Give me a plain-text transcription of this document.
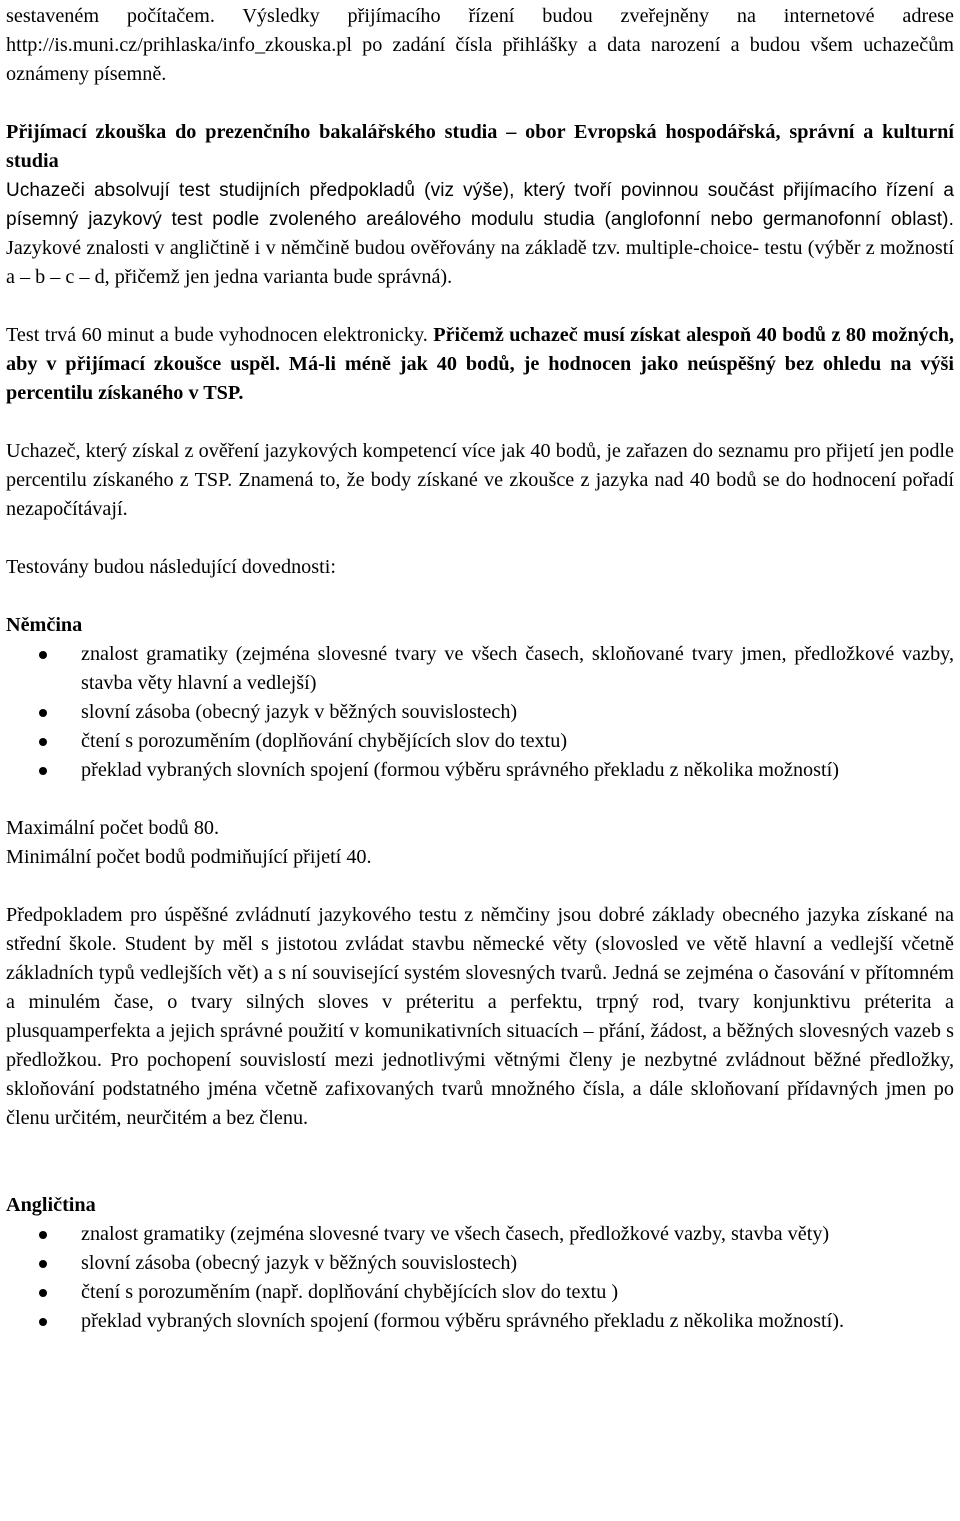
sestaveném počítačem. Výsledky přijímacího řízení budou zveřejněny na internetové adrese http://is.muni.cz/prihlaska/info_zkouska.pl po zadání čísla přihlášky a data narození a budou všem uchazečům oznámeny písemně.

Přijímací zkouška do prezenčního bakalářského studia – obor Evropská hospodářská, správní a kulturní studia

Uchazeči absolvují test studijních předpokladů (viz výše), který tvoří povinnou součást přijímacího řízení a písemný jazykový test podle zvoleného areálového modulu studia (anglofonní nebo germanofonní oblast). Jazykové znalosti v angličtině i v němčině budou ověřovány na základě tzv. multiple-choice- testu (výběr z možností a – b – c – d, přičemž jen jedna varianta bude správná).

Test trvá 60 minut a bude vyhodnocen elektronicky. Přičemž uchazeč musí získat alespoň 40 bodů z 80 možných, aby v přijímací zkoušce uspěl. Má-li méně jak 40 bodů, je hodnocen jako neúspěšný bez ohledu na výši percentilu získaného v TSP.

Uchazeč, který získal z ověření jazykových kompetencí více jak 40 bodů, je zařazen do seznamu pro přijetí jen podle percentilu získaného z TSP. Znamená to, že body získané ve zkoušce z jazyka nad 40 bodů se do hodnocení pořadí nezapočítávají.

Testovány budou následující dovednosti:

Němčina

znalost gramatiky (zejména slovesné tvary ve všech časech, skloňované tvary jmen, předložkové vazby, stavba věty hlavní a vedlejší)
slovní zásoba (obecný jazyk v běžných souvislostech)
čtení s porozuměním (doplňování chybějících slov do textu)
překlad vybraných slovních spojení (formou výběru správného překladu z několika možností)

Maximální počet bodů 80.

Minimální počet bodů podmiňující přijetí 40.

Předpokladem pro úspěšné zvládnutí jazykového testu z němčiny jsou dobré základy obecného jazyka získané na střední škole. Student by měl s jistotou zvládat stavbu německé věty (slovosled ve větě hlavní a vedlejší včetně základních typů vedlejších vět) a s ní související systém slovesných tvarů. Jedná se zejména o časování v přítomném a minulém čase, o tvary silných sloves v préteritu a perfektu, trpný rod, tvary konjunktivu préterita a plusquamperfekta a jejich správné použití v komunikativních situacích – přání, žádost, a běžných slovesných vazeb s předložkou. Pro pochopení souvislostí mezi jednotlivými větnými členy je nezbytné zvládnout běžné předložky, skloňování podstatného jména včetně zafixovaných tvarů množného čísla, a dále skloňovaní přídavných jmen po členu určitém, neurčitém a bez členu.

Angličtina

znalost gramatiky (zejména slovesné tvary ve všech časech, předložkové vazby, stavba věty)
slovní zásoba (obecný jazyk v běžných souvislostech)
čtení s porozuměním (např. doplňování chybějících slov do textu )
překlad vybraných slovních spojení (formou výběru správného překladu z několika možností).
